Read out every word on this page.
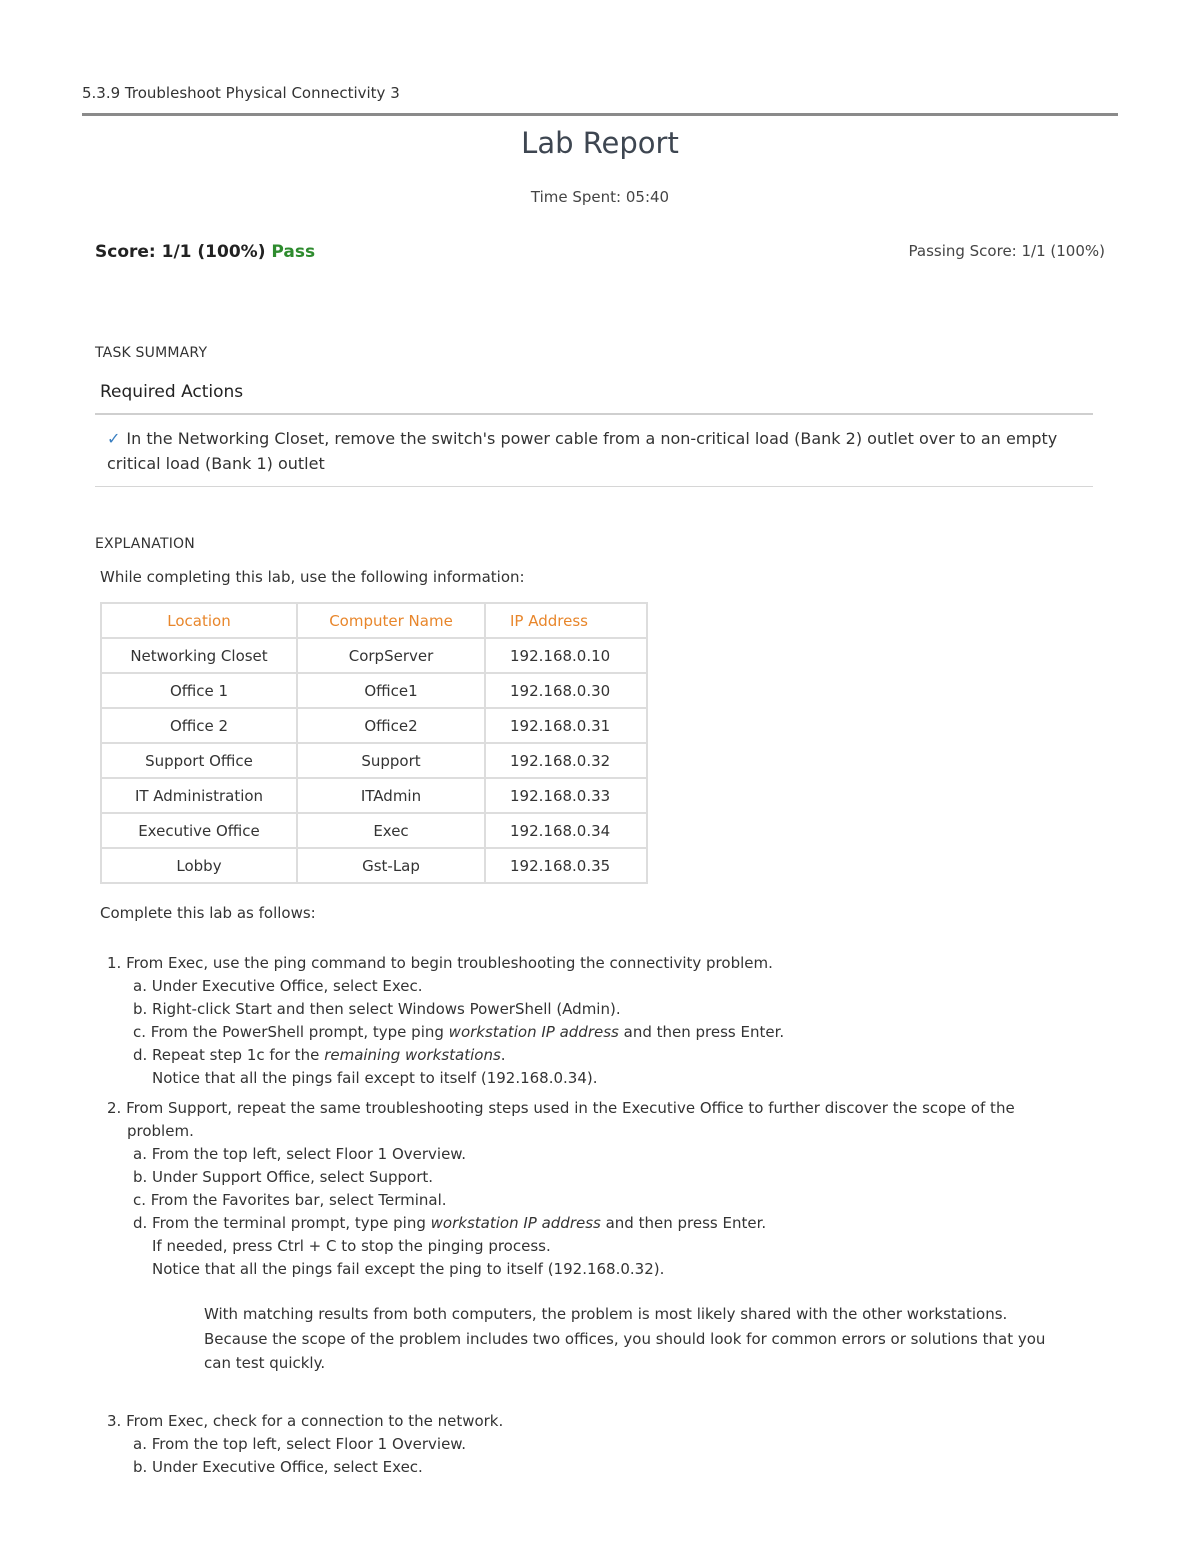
5.3.9 Troubleshoot Physical Connectivity 3
Lab Report
Time Spent: 05:40
Score: 1/1 (100%) Pass	Passing Score: 1/1 (100%)
TASK SUMMARY
Required Actions
✓ In the Networking Closet, remove the switch's power cable from a non-critical load (Bank 2) outlet over to an empty critical load (Bank 1) outlet
EXPLANATION
While completing this lab, use the following information:
Location	Computer Name	IP Address
Networking Closet	CorpServer	192.168.0.10
Office 1	Office1	192.168.0.30
Office 2	Office2	192.168.0.31
Support Office	Support	192.168.0.32
IT Administration	ITAdmin	192.168.0.33
Executive Office	Exec	192.168.0.34
Lobby	Gst-Lap	192.168.0.35
Complete this lab as follows:
1. From Exec, use the ping command to begin troubleshooting the connectivity problem.
a. Under Executive Office, select Exec.
b. Right-click Start and then select Windows PowerShell (Admin).
c. From the PowerShell prompt, type ping workstation IP address and then press Enter.
d. Repeat step 1c for the remaining workstations.
Notice that all the pings fail except to itself (192.168.0.34).
2. From Support, repeat the same troubleshooting steps used in the Executive Office to further discover the scope of the problem.
a. From the top left, select Floor 1 Overview.
b. Under Support Office, select Support.
c. From the Favorites bar, select Terminal.
d. From the terminal prompt, type ping workstation IP address and then press Enter.
If needed, press Ctrl + C to stop the pinging process.
Notice that all the pings fail except the ping to itself (192.168.0.32).
With matching results from both computers, the problem is most likely shared with the other workstations. Because the scope of the problem includes two offices, you should look for common errors or solutions that you can test quickly.
3. From Exec, check for a connection to the network.
a. From the top left, select Floor 1 Overview.
b. Under Executive Office, select Exec.
